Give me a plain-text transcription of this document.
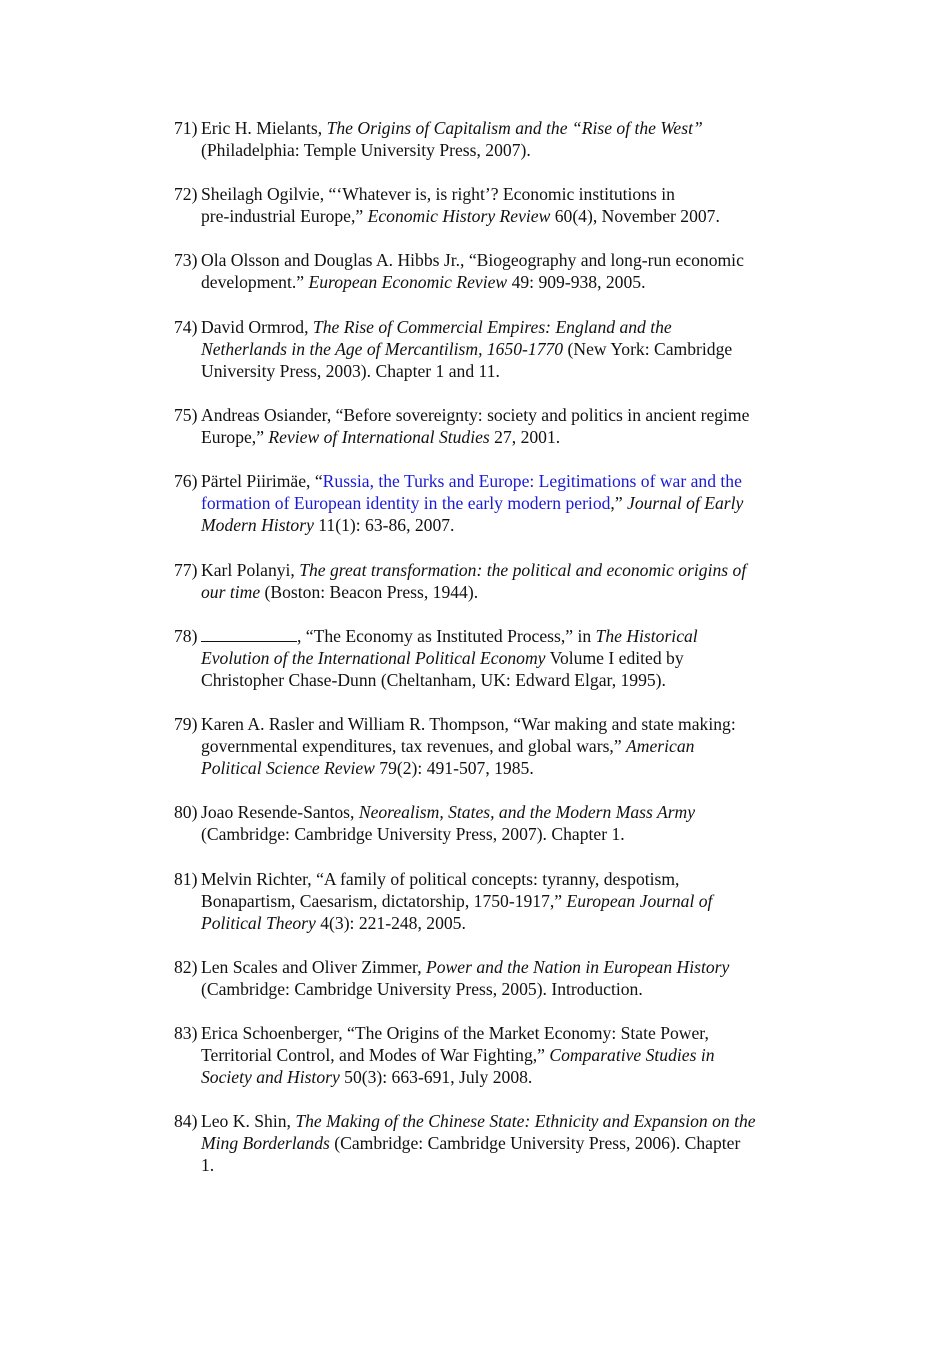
71) Eric H. Mielants, The Origins of Capitalism and the “Rise of the West”
(Philadelphia: Temple University Press, 2007).
72) Sheilagh Ogilvie, “‘Whatever is, is right’? Economic institutions in
pre-industrial Europe,” Economic History Review 60(4), November 2007.
73) Ola Olsson and Douglas A. Hibbs Jr., “Biogeography and long-run economic
development.” European Economic Review 49: 909-938, 2005.
74) David Ormrod, The Rise of Commercial Empires: England and the
Netherlands in the Age of Mercantilism, 1650-1770 (New York: Cambridge
University Press, 2003). Chapter 1 and 11.
75) Andreas Osiander, “Before sovereignty: society and politics in ancient regime
Europe,” Review of International Studies 27, 2001.
76) Pärtel Piirimäe, “Russia, the Turks and Europe: Legitimations of war and the
formation of European identity in the early modern period,” Journal of Early
Modern History 11(1): 63-86, 2007.
77) Karl Polanyi, The great transformation: the political and economic origins of
our time (Boston: Beacon Press, 1944).
78)	, “The Economy as Instituted Process,” in The Historical
Evolution of the International Political Economy Volume I edited by
Christopher Chase-Dunn (Cheltanham, UK: Edward Elgar, 1995).
79) Karen A. Rasler and William R. Thompson, “War making and state making:
governmental expenditures, tax revenues, and global wars,” American
Political Science Review 79(2): 491-507, 1985.
80) Joao Resende-Santos, Neorealism, States, and the Modern Mass Army
(Cambridge: Cambridge University Press, 2007). Chapter 1.
81) Melvin Richter, “A family of political concepts: tyranny, despotism,
Bonapartism, Caesarism, dictatorship, 1750-1917,” European Journal of
Political Theory 4(3): 221-248, 2005.
82) Len Scales and Oliver Zimmer, Power and the Nation in European History
(Cambridge: Cambridge University Press, 2005). Introduction.
83) Erica Schoenberger, “The Origins of the Market Economy: State Power,
Territorial Control, and Modes of War Fighting,” Comparative Studies in
Society and History 50(3): 663-691, July 2008.
84) Leo K. Shin, The Making of the Chinese State: Ethnicity and Expansion on the
Ming Borderlands (Cambridge: Cambridge University Press, 2006). Chapter
1.
